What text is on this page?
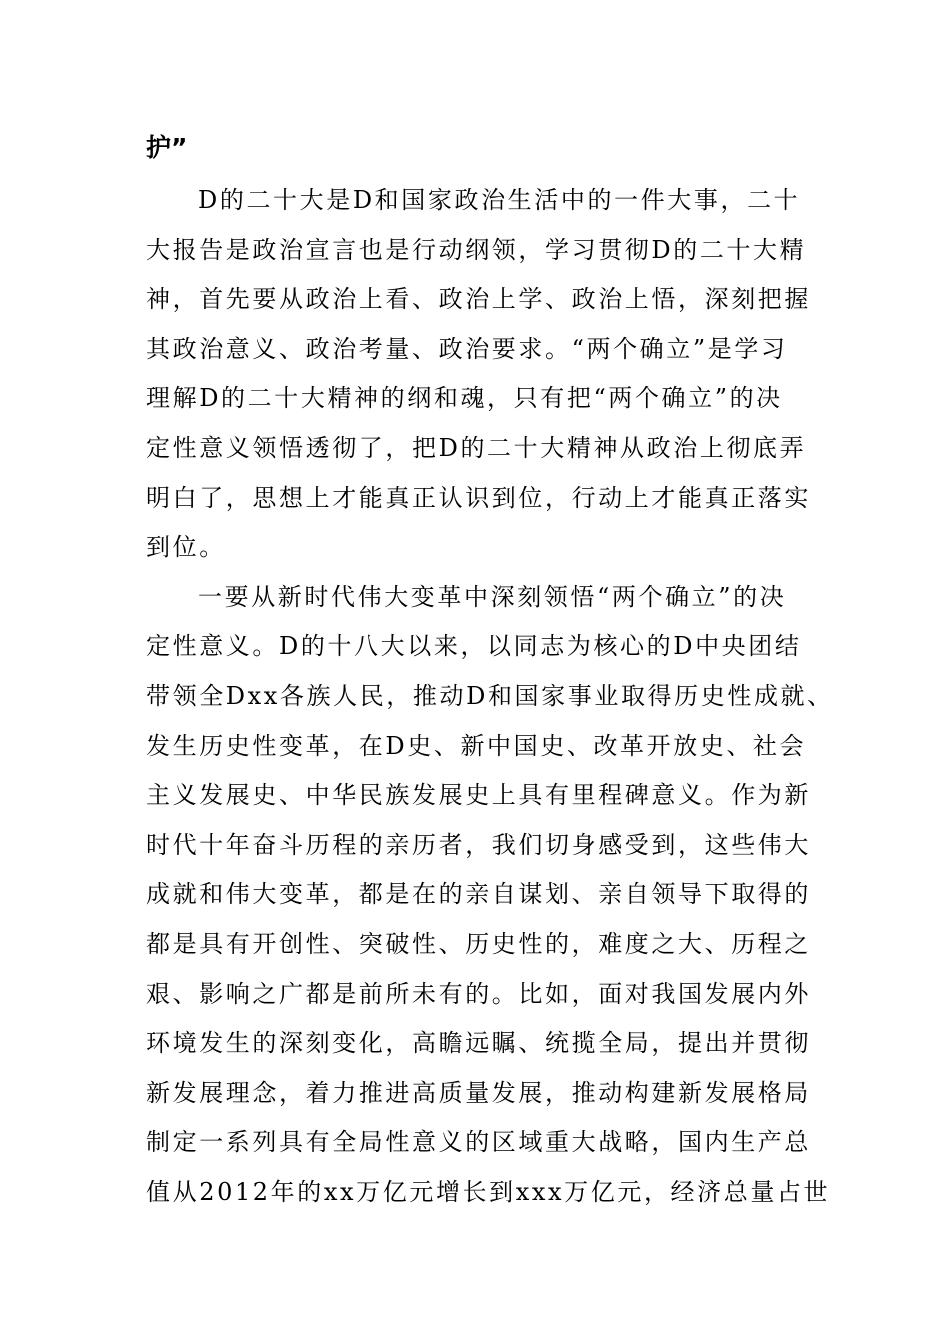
护”
D的二十大是D和国家政治生活中的一件大事，二十
大报告是政治宣言也是行动纲领，学习贯彻D的二十大精
神，首先要从政治上看、政治上学、政治上悟，深刻把握
其政治意义、政治考量、政治要求。“两个确立”是学习
理解D的二十大精神的纲和魂，只有把“两个确立”的决
定性意义领悟透彻了，把D的二十大精神从政治上彻底弄
明白了，思想上才能真正认识到位，行动上才能真正落实
到位。
一要从新时代伟大变革中深刻领悟“两个确立”的决
定性意义。D的十八大以来，以同志为核心的D中央团结
带领全Dxx各族人民，推动D和国家事业取得历史性成就、
发生历史性变革，在D史、新中国史、改革开放史、社会
主义发展史、中华民族发展史上具有里程碑意义。作为新
时代十年奋斗历程的亲历者，我们切身感受到，这些伟大
成就和伟大变革，都是在的亲自谋划、亲自领导下取得的
都是具有开创性、突破性、历史性的，难度之大、历程之
艰、影响之广都是前所未有的。比如，面对我国发展内外
环境发生的深刻变化，高瞻远瞩、统揽全局，提出并贯彻
新发展理念，着力推进高质量发展，推动构建新发展格局
制定一系列具有全局性意义的区域重大战略，国内生产总
值从2012年的xx万亿元增长到xxx万亿元，经济总量占世
